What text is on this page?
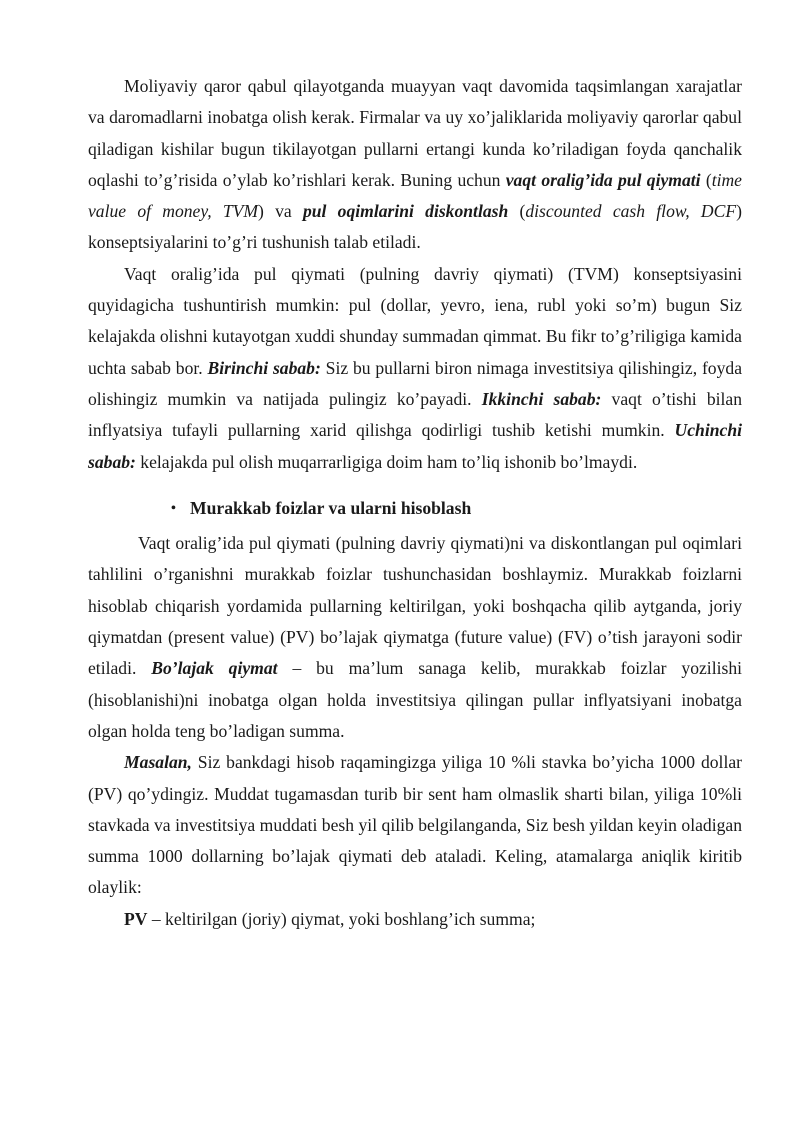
Moliyaviy qaror qabul qilayotganda muayyan vaqt davomida taqsimlangan xarajatlar va daromadlarni inobatga olish kerak. Firmalar va uy xo’jaliklarida moliyaviy qarorlar qabul qiladigan kishilar bugun tikilayotgan pullarni ertangi kunda ko’riladigan foyda qanchalik oqlashi to’g’risida o’ylab ko’rishlari kerak. Buning uchun vaqt oralig’ida pul qiymati (time value of money, TVM) va pul oqimlarini diskontlash (discounted cash flow, DCF) konseptsiyalarini to’g’ri tushunish talab etiladi.

Vaqt oralig’ida pul qiymati (pulning davriy qiymati) (TVM) konseptsiyasini quyidagicha tushuntirish mumkin: pul (dollar, yevro, iena, rubl yoki so’m) bugun Siz kelajakda olishni kutayotgan xuddi shunday summadan qimmat. Bu fikr to’g’riligiga kamida uchta sabab bor. Birinchi sabab: Siz bu pullarni biron nimaga investitsiya qilishingiz, foyda olishingiz mumkin va natijada pulingiz ko’payadi. Ikkinchi sabab: vaqt o’tishi bilan inflyatsiya tufayli pullarning xarid qilishga qodirligi tushib ketishi mumkin. Uchinchi sabab: kelajakda pul olish muqarrarligiga doim ham to’liq ishonib bo’lmaydi.

• Murakkab foizlar va ularni hisoblash

Vaqt oralig’ida pul qiymati (pulning davriy qiymati)ni va diskontlangan pul oqimlari tahlilini o’rganishni murakkab foizlar tushunchasidan boshlaymiz. Murakkab foizlarni hisoblab chiqarish yordamida pullarning keltirilgan, yoki boshqacha qilib aytganda, joriy qiymatdan (present value) (PV) bo’lajak qiymatga (future value) (FV) o’tish jarayoni sodir etiladi. Bo’lajak qiymat – bu ma’lum sanaga kelib, murakkab foizlar yozilishi (hisoblanishi)ni inobatga olgan holda investitsiya qilingan pullar inflyatsiyani inobatga olgan holda teng bo’ladigan summa.

Masalan, Siz bankdagi hisob raqamingizga yiliga 10 %li stavka bo’yicha 1000 dollar (PV) qo’ydingiz. Muddat tugamasdan turib bir sent ham olmaslik sharti bilan, yiliga 10%li stavkada va investitsiya muddati besh yil qilib belgilanganda, Siz besh yildan keyin oladigan summa 1000 dollarning bo’lajak qiymati deb ataladi. Keling, atamalarga aniqlik kiritib olaylik:

PV – keltirilgan (joriy) qiymat, yoki boshlang’ich summa;
